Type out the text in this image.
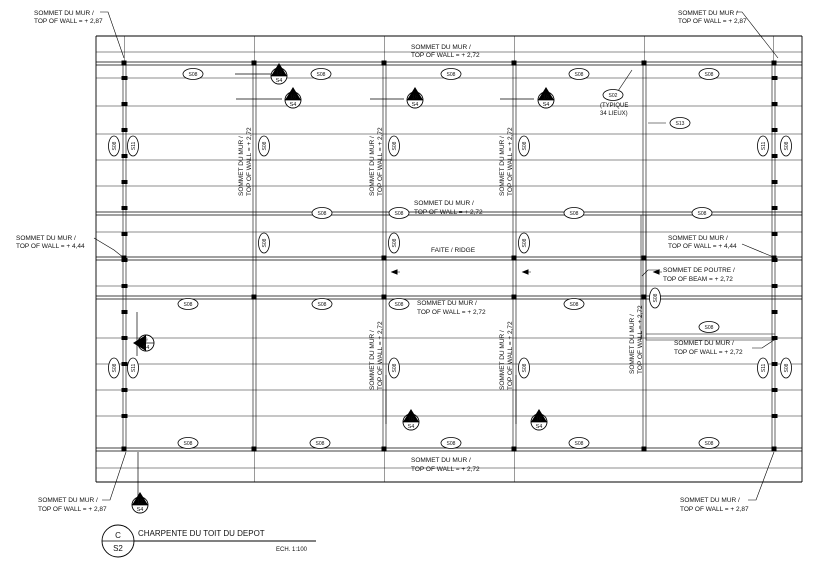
S08	S08	S08	S08	S08
S08	S08	S08	S08
S08	S08	S08	S08
S08
S08	S08	S08	S08	S08
S02
S13
S08	S11	S08	S08	S08	S11	S08
S08	S08	S08
S08
S08	S11	S08	S08	S11	S08
14
S4
16
S4
16
S4
16
S4
9
S4
16
S4
16
S4
12
S4
SOMMET DU MUR /
TOP OF WALL = + 2,87
SOMMET DU MUR /
TOP OF WALL = + 2,87
SOMMET DU MUR /
TOP OF WALL = + 2,87
SOMMET DU MUR /
TOP OF WALL = + 2,87
SOMMET DU MUR /
TOP OF WALL = + 2,72
SOMMET DU MUR /
TOP OF WALL = + 2,72
SOMMET DU MUR /
TOP OF WALL = + 2,72
SOMMET DU MUR /
TOP OF WALL = + 2,72
SOMMET DU MUR /
TOP OF WALL = + 4,44
SOMMET DU MUR /
TOP OF WALL = + 4,44
SOMMET DE POUTRE /
TOP OF BEAM = + 2,72
SOMMET DU MUR /
TOP OF WALL = + 2,72
FAITE / RIDGE
(TYPIQUE
34 LIEUX)
SOMMET DU MUR / TOP OF WALL = + 2,72	SOMMET DU MUR / TOP OF WALL = + 2,72	SOMMET DU MUR / TOP OF WALL = + 2,72
SOMMET DU MUR / TOP OF WALL = + 2,72	SOMMET DU MUR / TOP OF WALL = + 2,72	SOMMET DU MUR / TOP OF WALL = + 2,72
C
S2
CHARPENTE DU TOIT DU DEPOT
ECH. 1:100
